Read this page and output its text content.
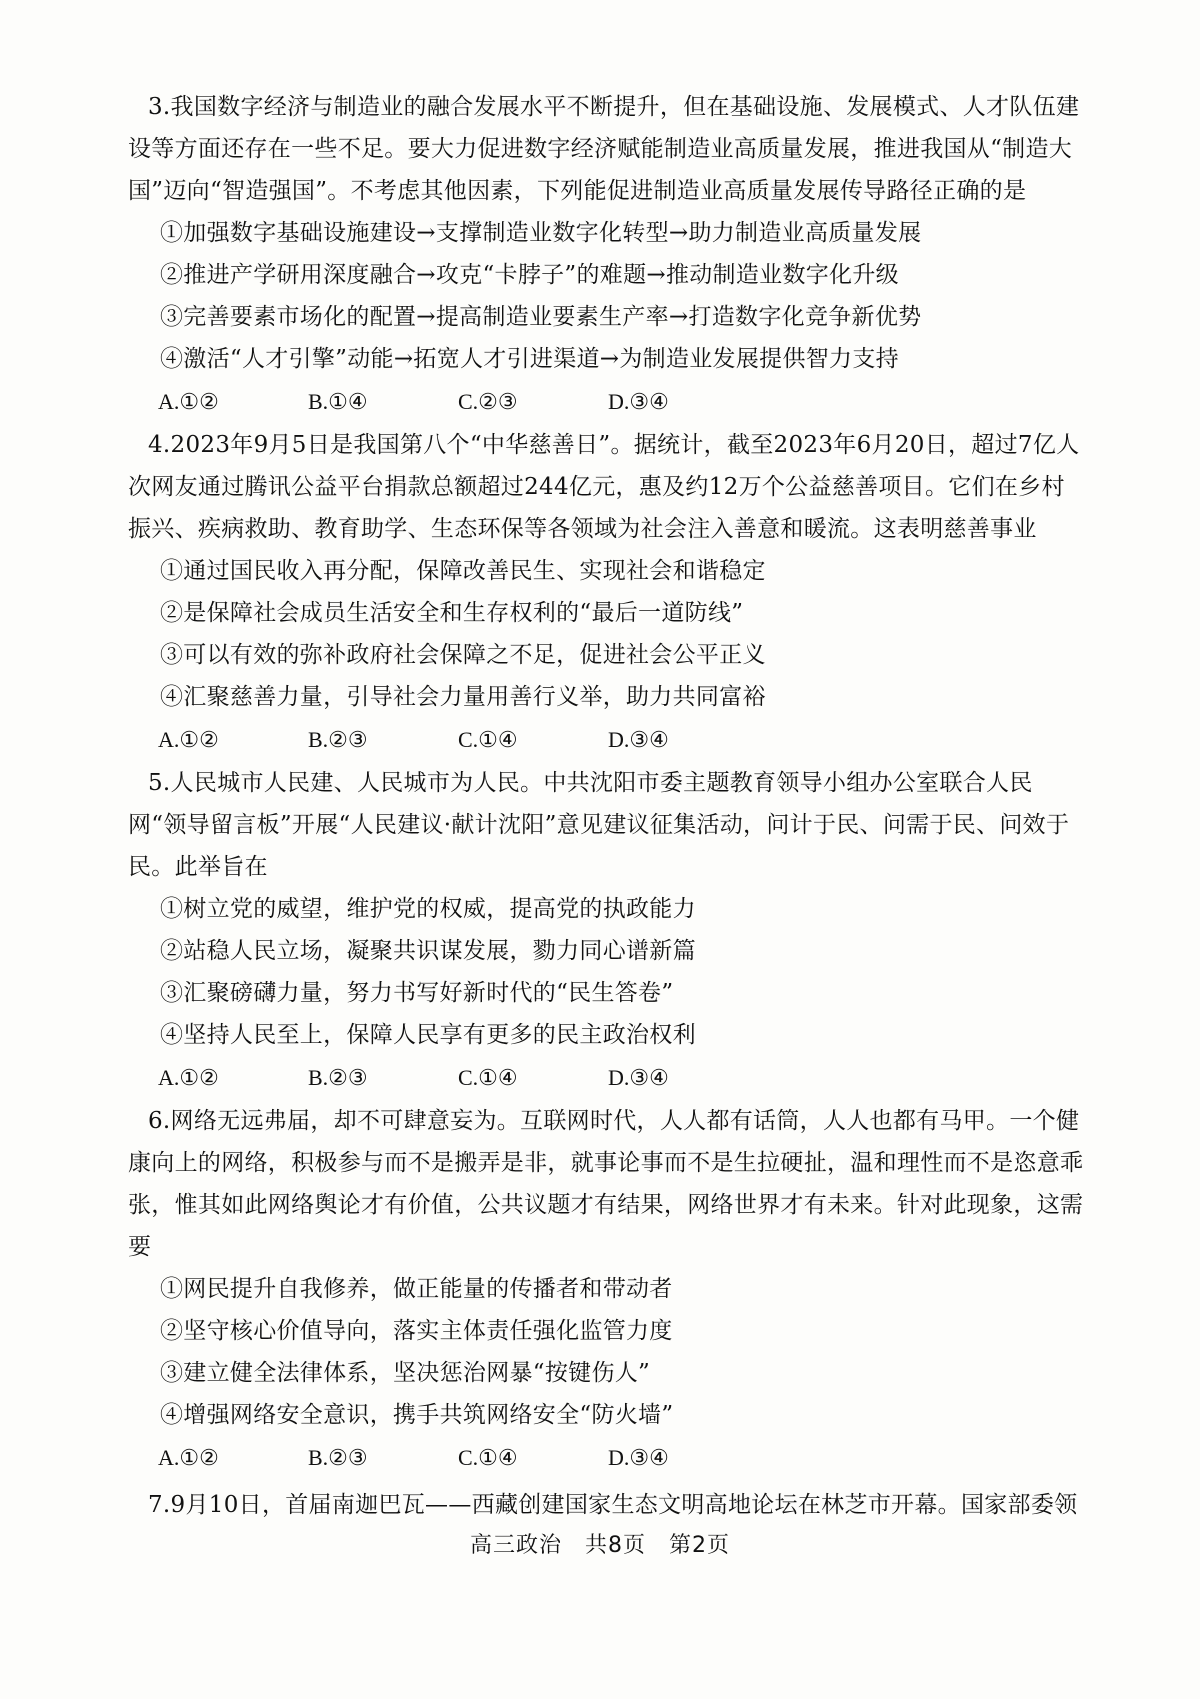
3.我国数字经济与制造业的融合发展水平不断提升，但在基础设施、发展模式、人才队伍建设等方面还存在一些不足。要大力促进数字经济赋能制造业高质量发展，推进我国从“制造大国”迈向“智造强国”。不考虑其他因素，下列能促进制造业高质量发展传导路径正确的是

①加强数字基础设施建设→支撑制造业数字化转型→助力制造业高质量发展

②推进产学研用深度融合→攻克“卡脖子”的难题→推动制造业数字化升级

③完善要素市场化的配置→提高制造业要素生产率→打造数字化竞争新优势

④激活“人才引擎”动能→拓宽人才引进渠道→为制造业发展提供智力支持

A.①②	B.①④	C.②③	D.③④

4.2023年9月5日是我国第八个“中华慈善日”。据统计，截至2023年6月20日，超过7亿人次网友通过腾讯公益平台捐款总额超过244亿元，惠及约12万个公益慈善项目。它们在乡村振兴、疾病救助、教育助学、生态环保等各领域为社会注入善意和暖流。这表明慈善事业

①通过国民收入再分配，保障改善民生、实现社会和谐稳定

②是保障社会成员生活安全和生存权利的“最后一道防线”

③可以有效的弥补政府社会保障之不足，促进社会公平正义

④汇聚慈善力量，引导社会力量用善行义举，助力共同富裕

A.①②	B.②③	C.①④	D.③④

5.人民城市人民建、人民城市为人民。中共沈阳市委主题教育领导小组办公室联合人民网“领导留言板”开展“人民建议·献计沈阳”意见建议征集活动，问计于民、问需于民、问效于民。此举旨在

①树立党的威望，维护党的权威，提高党的执政能力

②站稳人民立场，凝聚共识谋发展，勠力同心谱新篇

③汇聚磅礴力量，努力书写好新时代的“民生答卷”

④坚持人民至上，保障人民享有更多的民主政治权利

A.①②	B.②③	C.①④	D.③④

6.网络无远弗届，却不可肆意妄为。互联网时代，人人都有话筒，人人也都有马甲。一个健康向上的网络，积极参与而不是搬弄是非，就事论事而不是生拉硬扯，温和理性而不是恣意乖张，惟其如此网络舆论才有价值，公共议题才有结果，网络世界才有未来。针对此现象，这需要

①网民提升自我修养，做正能量的传播者和带动者

②坚守核心价值导向，落实主体责任强化监管力度

③建立健全法律体系，坚决惩治网暴“按键伤人”

④增强网络安全意识，携手共筑网络安全“防火墙”

A.①②	B.②③	C.①④	D.③④

7.9月10日，首届南迦巴瓦——西藏创建国家生态文明高地论坛在林芝市开幕。国家部委领

高三政治　共8页　第2页
